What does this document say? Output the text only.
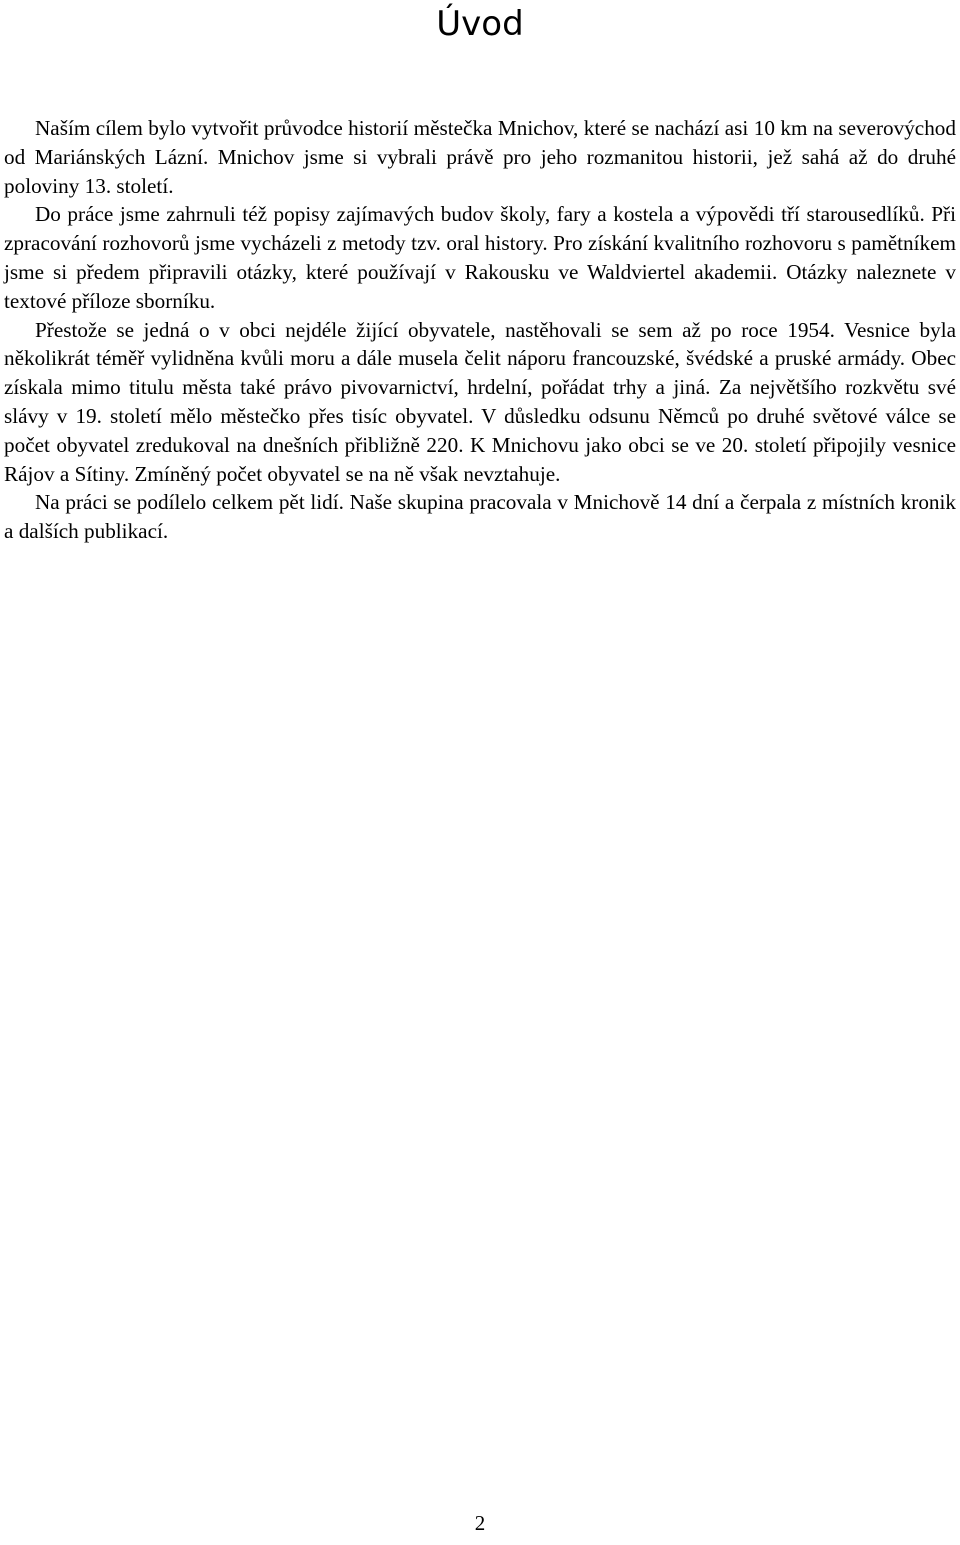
Úvod

Naším cílem bylo vytvořit průvodce historií městečka Mnichov, které se nachází asi 10 km na severovýchod od Mariánských Lázní. Mnichov jsme si vybrali právě pro jeho rozmanitou historii, jež sahá až do druhé poloviny 13. století.

Do práce jsme zahrnuli též popisy zajímavých budov školy, fary a kostela a výpovědi tří starousedlíků. Při zpracování rozhovorů jsme vycházeli z metody tzv. oral history. Pro získání kvalitního rozhovoru s pamětníkem jsme si předem připravili otázky, které používají v Rakousku ve Waldviertel akademii. Otázky naleznete v textové příloze sborníku.

Přestože se jedná o v obci nejdéle žijící obyvatele, nastěhovali se sem až po roce 1954. Vesnice byla několikrát téměř vylidněna kvůli moru a dále musela čelit náporu francouzské, švédské a pruské armády. Obec získala mimo titulu města také právo pivovarnictví, hrdelní, pořádat trhy a jiná. Za největšího rozkvětu své slávy v 19. století mělo městečko přes tisíc obyvatel. V důsledku odsunu Němců po druhé světové válce se počet obyvatel zredukoval na dnešních přibližně 220. K Mnichovu jako obci se ve 20. století připojily vesnice Rájov a Sítiny. Zmíněný počet obyvatel se na ně však nevztahuje.

Na práci se podílelo celkem pět lidí. Naše skupina pracovala v Mnichově 14 dní a čerpala z místních kronik a dalších publikací.

2
